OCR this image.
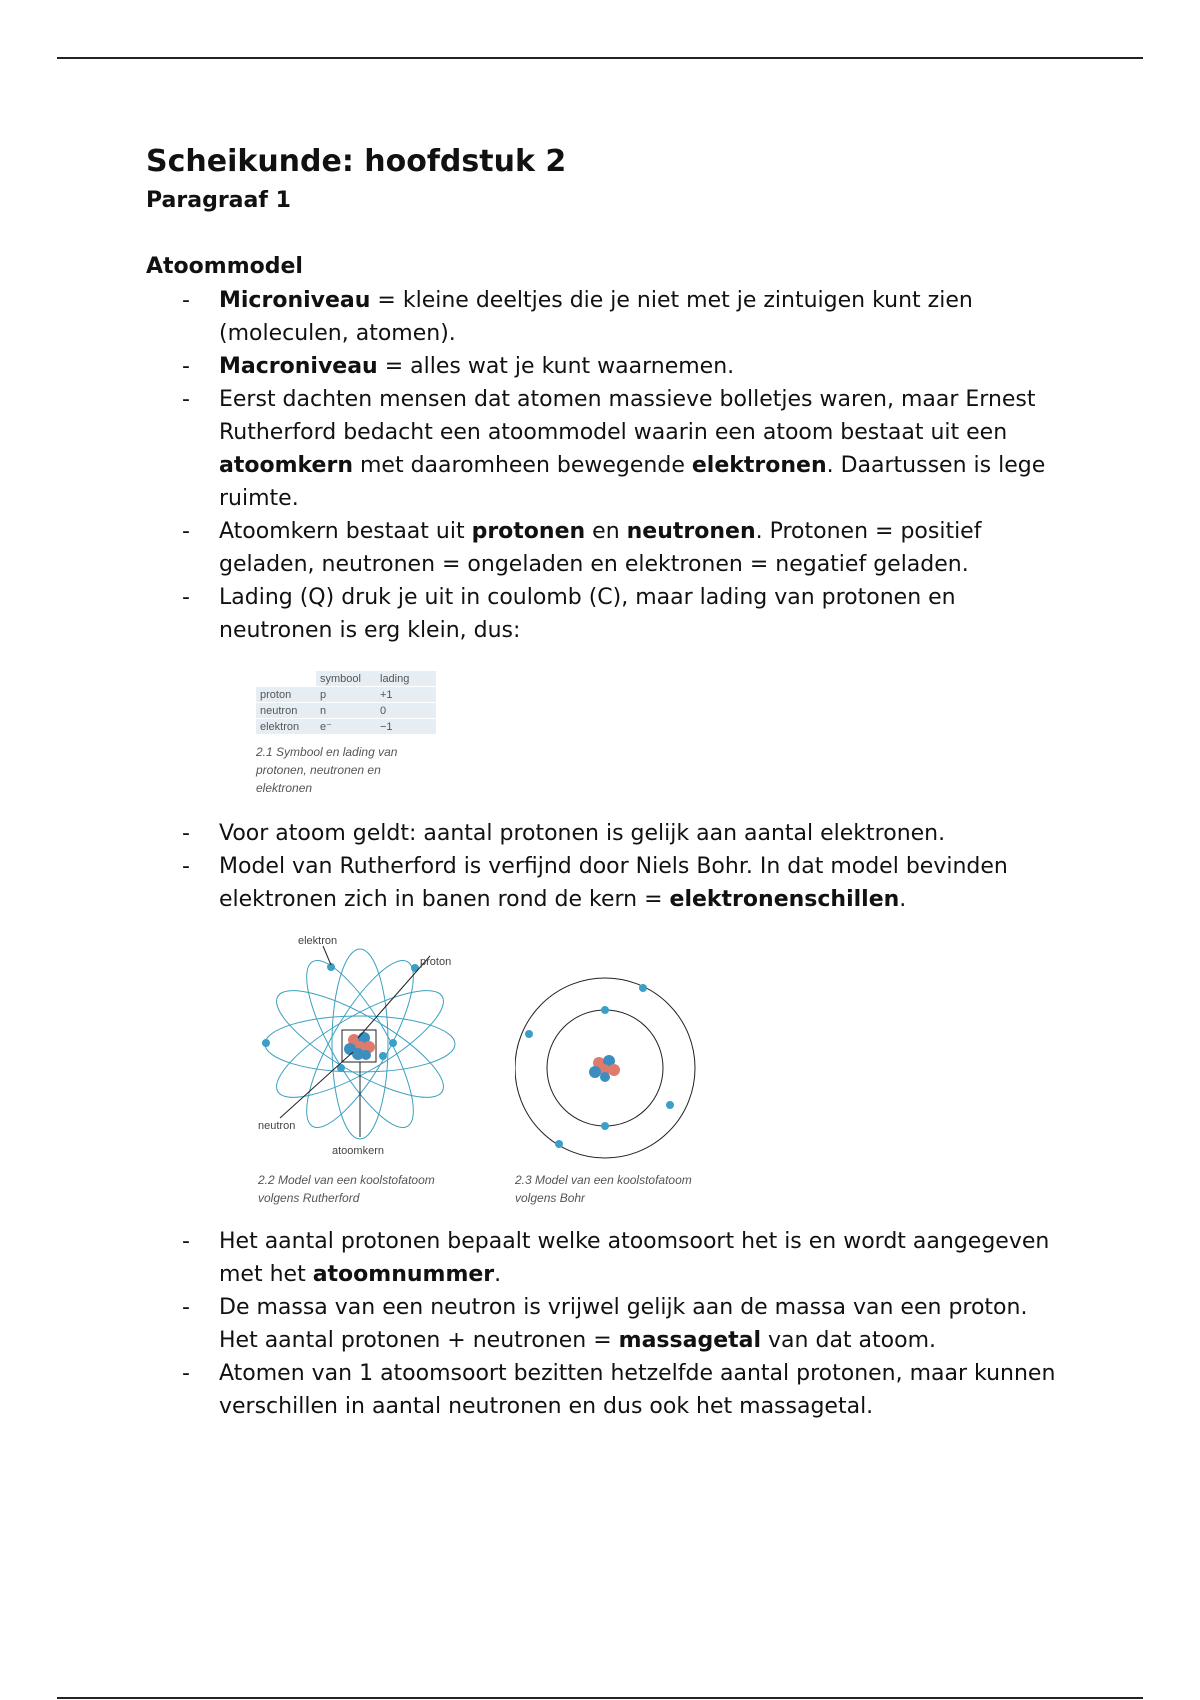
Scheikunde: hoofdstuk 2
Paragraaf 1
Atoommodel
- Microniveau = kleine deeltjes die je niet met je zintuigen kunt zien (moleculen, atomen).
- Macroniveau = alles wat je kunt waarnemen.
- Eerst dachten mensen dat atomen massieve bolletjes waren, maar Ernest Rutherford bedacht een atoommodel waarin een atoom bestaat uit een atoomkern met daaromheen bewegende elektronen. Daartussen is lege ruimte.
- Atoomkern bestaat uit protonen en neutronen. Protonen = positief geladen, neutronen = ongeladen en elektronen = negatief geladen.
- Lading (Q) druk je uit in coulomb (C), maar lading van protonen en neutronen is erg klein, dus:
	symbool	lading
proton	p	+1
neutron	n	0
elektron	e⁻	−1
2.1 Symbool en lading van protonen, neutronen en elektronen
- Voor atoom geldt: aantal protonen is gelijk aan aantal elektronen.
- Model van Rutherford is verfijnd door Niels Bohr. In dat model bevinden elektronen zich in banen rond de kern = elektronenschillen.
elektron
proton
neutron
atoomkern
2.2 Model van een koolstofatoom volgens Rutherford
2.3 Model van een koolstofatoom volgens Bohr
- Het aantal protonen bepaalt welke atoomsoort het is en wordt aangegeven met het atoomnummer.
- De massa van een neutron is vrijwel gelijk aan de massa van een proton. Het aantal protonen + neutronen = massagetal van dat atoom.
- Atomen van 1 atoomsoort bezitten hetzelfde aantal protonen, maar kunnen verschillen in aantal neutronen en dus ook het massagetal.
